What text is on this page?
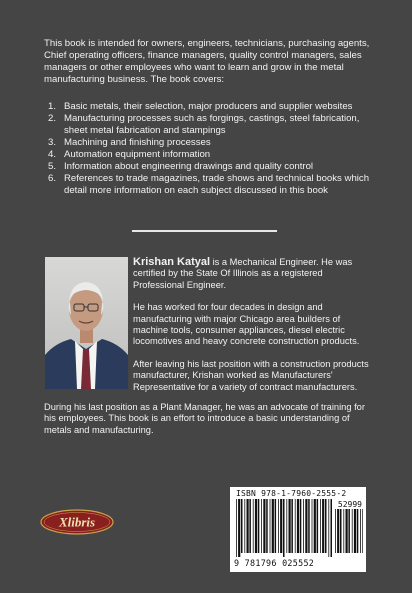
This book is intended for owners, engineers, technicians, purchasing agents, Chief operating officers, finance managers, quality control managers, sales managers or other employees who want to learn and grow in the metal manufacturing business. The book covers:

1. Basic metals, their selection, major producers and supplier websites
2. Manufacturing processes such as forgings, castings, steel fabrication, sheet metal fabrication and stampings
3. Machining and finishing processes
4. Automation equipment information
5. Information about engineering drawings and quality control
6. References to trade magazines, trade shows and technical books which detail more information on each subject discussed in this book

Krishan Katyal is a Mechanical Engineer. He was certified by the State Of Illinois as a registered Professional Engineer.

He has worked for four decades in design and manufacturing with major Chicago area builders of machine tools, consumer appliances, diesel electric locomotives and heavy concrete construction products.

After leaving his last position with a construction products manufacturer, Krishan worked as Manufacturers' Representative for a variety of contract manufacturers.

During his last position as a Plant Manager, he was an advocate of training for his employees. This book is an effort to introduce a basic understanding of metals and manufacturing.

Xlibris
ISBN 978-1-7960-2555-2
52999
9 781796 025552
